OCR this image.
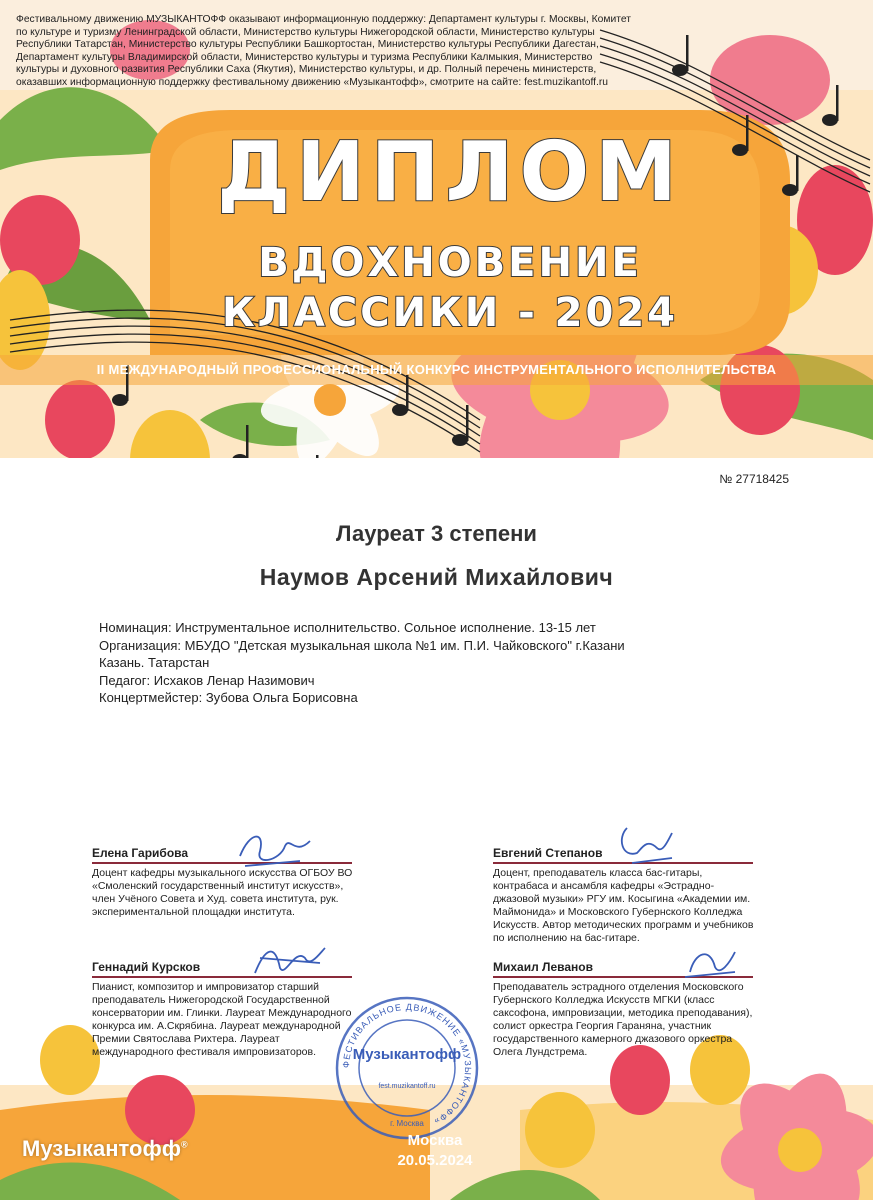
Фестивальному движению МУЗЫКАНТОФФ оказывают информационную поддержку: Департамент культуры г. Москвы, Комитет по культуре и туризму Ленинградской области, Министерство культуры Нижегородской области, Министерство культуры Республики Татарстан, Министерство культуры Республики Башкортостан, Министерство культуры Республики Дагестан, Департамент культуры Владимирской области, Министерство культуры и туризма Республики Калмыкия, Министерство культуры и духовного развития Республики Саха (Якутия), Министерство культуры, и др. Полный перечень министерств, оказавших информационную поддержку фестивальному движению «Музыкантофф», смотрите на сайте: fest.muzikantoff.ru

ДИПЛОМ
ВДОХНОВЕНИЕ
КЛАССИКИ - 2024
II МЕЖДУНАРОДНЫЙ ПРОФЕССИОНАЛЬНЫЙ КОНКУРС ИНСТРУМЕНТАЛЬНОГО ИСПОЛНИТЕЛЬСТВА
№ 27718425
Лауреат 3 степени
Наумов Арсений Михайлович
Номинация: Инструментальное исполнительство. Сольное исполнение. 13-15 лет
Организация: МБУДО "Детская музыкальная школа №1 им. П.И. Чайковского" г.Казани
Казань. Татарстан
Педагог: Исхаков Ленар Назимович
Концертмейстер: Зубова Ольга Борисовна
Елена Гарибова

Доцент кафедры музыкального искусства ОГБОУ ВО «Смоленский государственный институт искусств», член Учёного Совета и Худ. совета института, рук. экспериментальной площадки института.

Евгений Степанов

Доцент, преподаватель класса бас-гитары, контрабаса и ансамбля кафедры «Эстрадно-джазовой музыки» РГУ им. Косыгина «Академии им. Маймонида» и Московского Губернского Колледжа Искусств. Автор методических программ и учебников по исполнению на бас-гитаре.

Геннадий Курсков

Пианист, композитор и импровизатор старший преподаватель Нижегородской Государственной консерватории им. Глинки. Лауреат Международного конкурса им. А.Скрябина. Лауреат международной Премии Святослава Рихтера. Лауреат международного фестиваля импровизаторов.

Михаил Леванов

Преподаватель эстрадного отделения Московского Губернского Колледжа Искусств МГКИ (класс саксофона, импровизации, методика преподавания), солист оркестра Георгия Гараняна, участник государственного камерного джазового оркестра Олега Лундстрема.

ФЕСТИВАЛЬНОЕ ДВИЖЕНИЕ «МУЗЫКАНТОФФ»
Музыкантофф
fest.muzikantoff.ru
г. Москва
Музыкантофф®	Москва
20.05.2024
